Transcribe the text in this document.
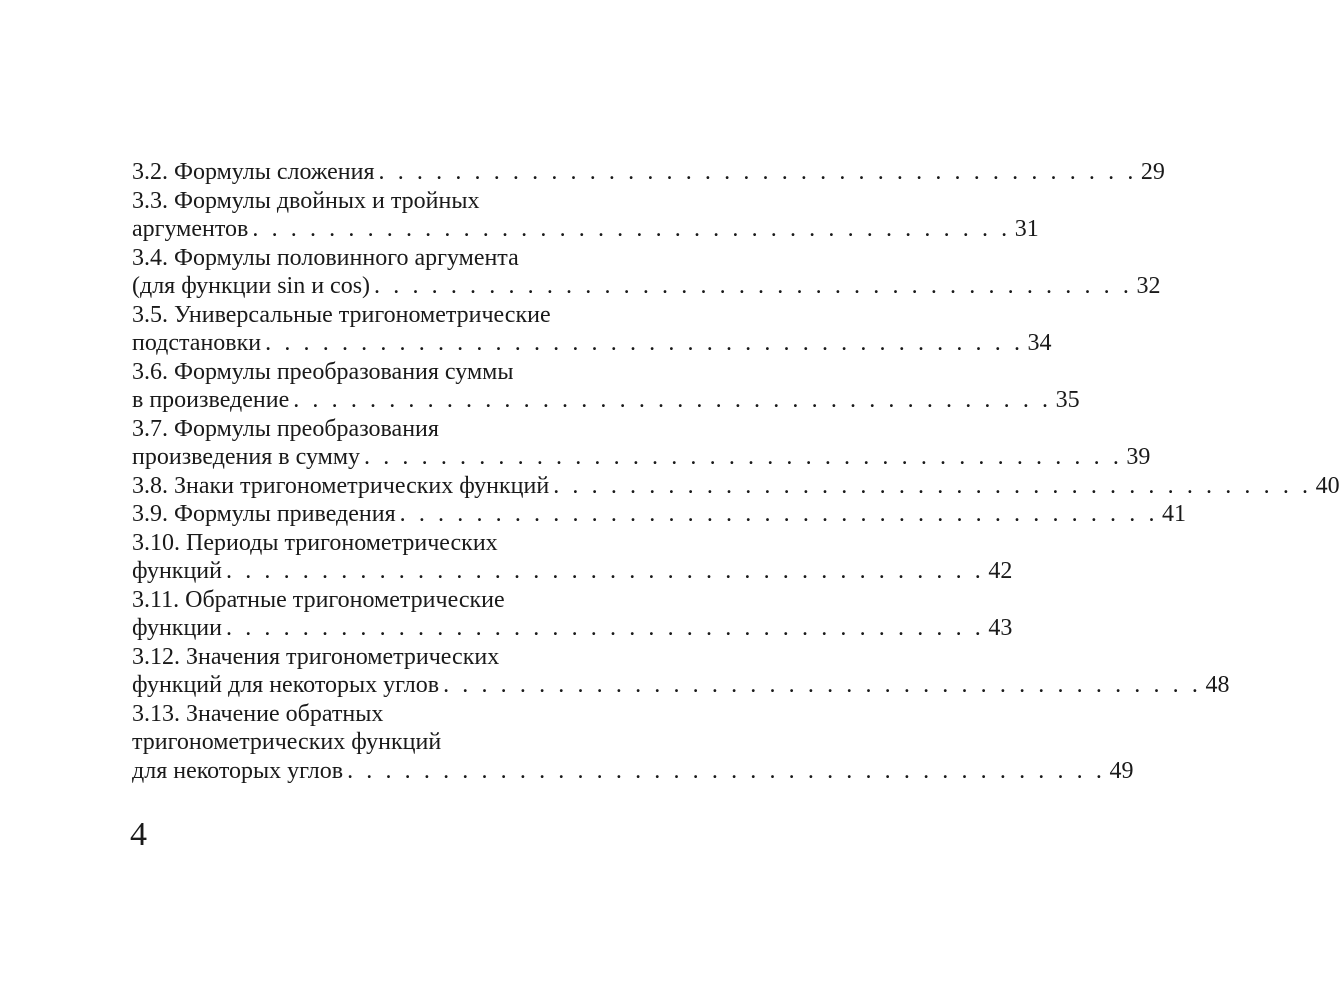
3.2. Формулы сложения . . . . . . . . . . . . . . . . . . . . . . . . . . . . . . . . . . . . . . . . 29
3.3. Формулы двойных и тройных
аргументов . . . . . . . . . . . . . . . . . . . . . . . . . . . . . . . . . . . . . . . . 31
3.4. Формулы половинного аргумента
(для функции sin и cos) . . . . . . . . . . . . . . . . . . . . . . . . . . . . . . . . . . . . . . . . 32
3.5. Универсальные тригонометрические
подстановки . . . . . . . . . . . . . . . . . . . . . . . . . . . . . . . . . . . . . . . . 34
3.6. Формулы преобразования суммы
в произведение . . . . . . . . . . . . . . . . . . . . . . . . . . . . . . . . . . . . . . . . 35
3.7. Формулы преобразования
произведения в сумму . . . . . . . . . . . . . . . . . . . . . . . . . . . . . . . . . . . . . . . . 39
3.8. Знаки тригонометрических функций . . . . . . . . . . . . . . . . . . . . . . . . . . . . . . . . . . . . . . . . 40
3.9. Формулы приведения . . . . . . . . . . . . . . . . . . . . . . . . . . . . . . . . . . . . . . . . 41
3.10. Периоды тригонометрических
функций . . . . . . . . . . . . . . . . . . . . . . . . . . . . . . . . . . . . . . . . 42
3.11. Обратные тригонометрические
функции . . . . . . . . . . . . . . . . . . . . . . . . . . . . . . . . . . . . . . . . 43
3.12. Значения тригонометрических
функций для некоторых углов . . . . . . . . . . . . . . . . . . . . . . . . . . . . . . . . . . . . . . . . 48
3.13. Значение обратных
тригонометрических функций
для некоторых углов . . . . . . . . . . . . . . . . . . . . . . . . . . . . . . . . . . . . . . . . 49
4
